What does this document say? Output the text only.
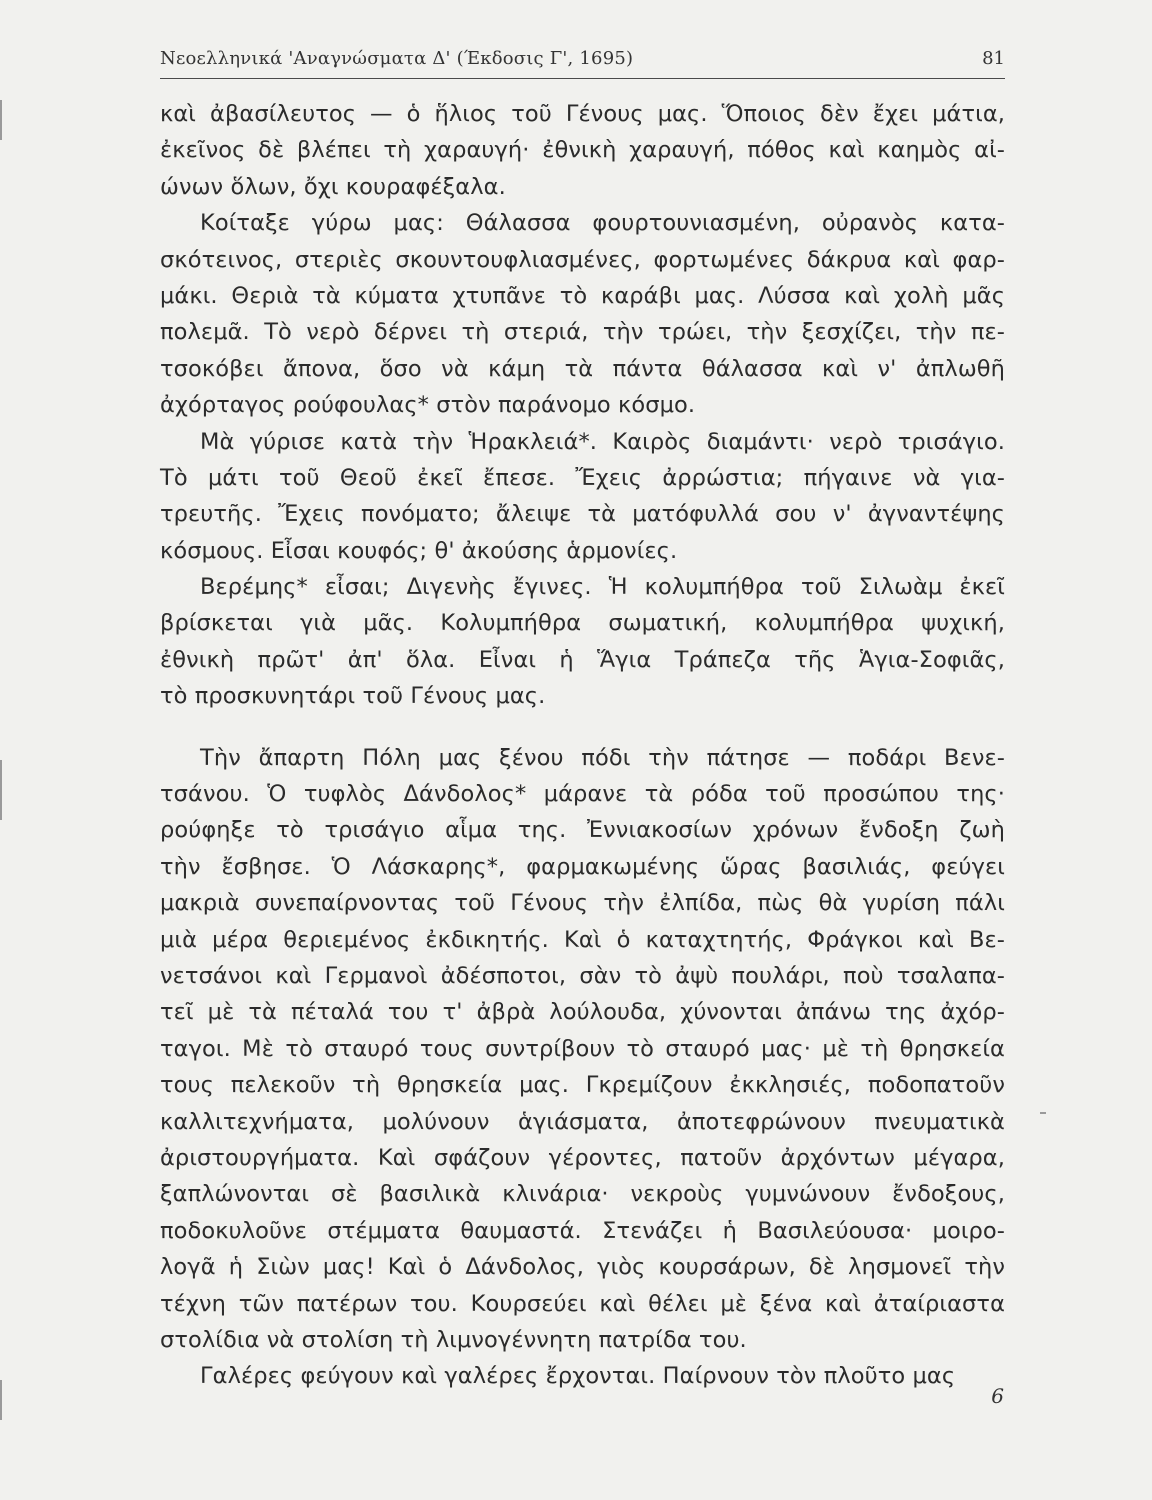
Νεοελληνικά 'Αναγνώσματα Δ' (Έκδοσις Γ', 1695)	81
καὶ ἀβασίλευτος — ὁ ἥλιος τοῦ Γένους μας. Ὅποιος δὲν ἔχει μάτια,
ἐκεῖνος δὲ βλέπει τὴ χαραυγή· ἐθνικὴ χαραυγή, πόθος καὶ καημὸς αἰ-
ώνων ὅλων, ὄχι κουραφέξαλα.
Κοίταξε γύρω μας: Θάλασσα φουρτουνιασμένη, οὐρανὸς κατα-
σκότεινος, στεριὲς σκουντουφλιασμένες, φορτωμένες δάκρυα καὶ φαρ-
μάκι. Θεριὰ τὰ κύματα χτυπᾶνε τὸ καράβι μας. Λύσσα καὶ χολὴ μᾶς
πολεμᾶ. Τὸ νερὸ δέρνει τὴ στεριά, τὴν τρώει, τὴν ξεσχίζει, τὴν πε-
τσοκόβει ἄπονα, ὅσο νὰ κάμη τὰ πάντα θάλασσα καὶ ν' ἀπλωθῆ
ἀχόρταγος ρούφουλας* στὸν παράνομο κόσμο.
Μὰ γύρισε κατὰ τὴν Ἡρακλειά*. Καιρὸς διαμάντι· νερὸ τρισάγιο.
Τὸ μάτι τοῦ Θεοῦ ἐκεῖ ἔπεσε. Ἔχεις ἀρρώστια; πήγαινε νὰ για-
τρευτῆς. Ἔχεις πονόματο; ἄλειψε τὰ ματόφυλλά σου ν' ἀγναντέψης
κόσμους. Εἶσαι κουφός; θ' ἀκούσης ἁρμονίες.
Βερέμης* εἶσαι; Διγενὴς ἔγινες. Ἡ κολυμπήθρα τοῦ Σιλωὰμ ἐκεῖ
βρίσκεται γιὰ μᾶς. Κολυμπήθρα σωματική, κολυμπήθρα ψυχική,
ἐθνικὴ πρῶτ' ἀπ' ὅλα. Εἶναι ἡ Ἅγια Τράπεζα τῆς Ἁγια-Σοφιᾶς,
τὸ προσκυνητάρι τοῦ Γένους μας.
Τὴν ἄπαρτη Πόλη μας ξένου πόδι τὴν πάτησε — ποδάρι Βενε-
τσάνου. Ὁ τυφλὸς Δάνδολος* μάρανε τὰ ρόδα τοῦ προσώπου της·
ρούφηξε τὸ τρισάγιο αἷμα της. Ἐννιακοσίων χρόνων ἔνδοξη ζωὴ
τὴν ἔσβησε. Ὁ Λάσκαρης*, φαρμακωμένης ὥρας βασιλιάς, φεύγει
μακριὰ συνεπαίρνοντας τοῦ Γένους τὴν ἐλπίδα, πὼς θὰ γυρίση πάλι
μιὰ μέρα θεριεμένος ἐκδικητής. Καὶ ὁ καταχτητής, Φράγκοι καὶ Βε-
νετσάνοι καὶ Γερμανοὶ ἀδέσποτοι, σὰν τὸ ἀψὺ πουλάρι, ποὺ τσαλαπα-
τεῖ μὲ τὰ πέταλά του τ' ἀβρὰ λούλουδα, χύνονται ἀπάνω της ἀχόρ-
ταγοι. Μὲ τὸ σταυρό τους συντρίβουν τὸ σταυρό μας· μὲ τὴ θρησκεία
τους πελεκοῦν τὴ θρησκεία μας. Γκρεμίζουν ἐκκλησιές, ποδοπατοῦν
καλλιτεχνήματα, μολύνουν ἁγιάσματα, ἀποτεφρώνουν πνευματικὰ
ἀριστουργήματα. Καὶ σφάζουν γέροντες, πατοῦν ἀρχόντων μέγαρα,
ξαπλώνονται σὲ βασιλικὰ κλινάρια· νεκροὺς γυμνώνουν ἔνδοξους,
ποδοκυλοῦνε στέμματα θαυμαστά. Στενάζει ἡ Βασιλεύουσα· μοιρο-
λογᾶ ἡ Σιὼν μας! Καὶ ὁ Δάνδολος, γιὸς κουρσάρων, δὲ λησμονεῖ τὴν
τέχνη τῶν πατέρων του. Κουρσεύει καὶ θέλει μὲ ξένα καὶ ἀταίριαστα
στολίδια νὰ στολίση τὴ λιμνογέννητη πατρίδα του.
Γαλέρες φεύγουν καὶ γαλέρες ἔρχονται. Παίρνουν τὸν πλοῦτο μας
6
